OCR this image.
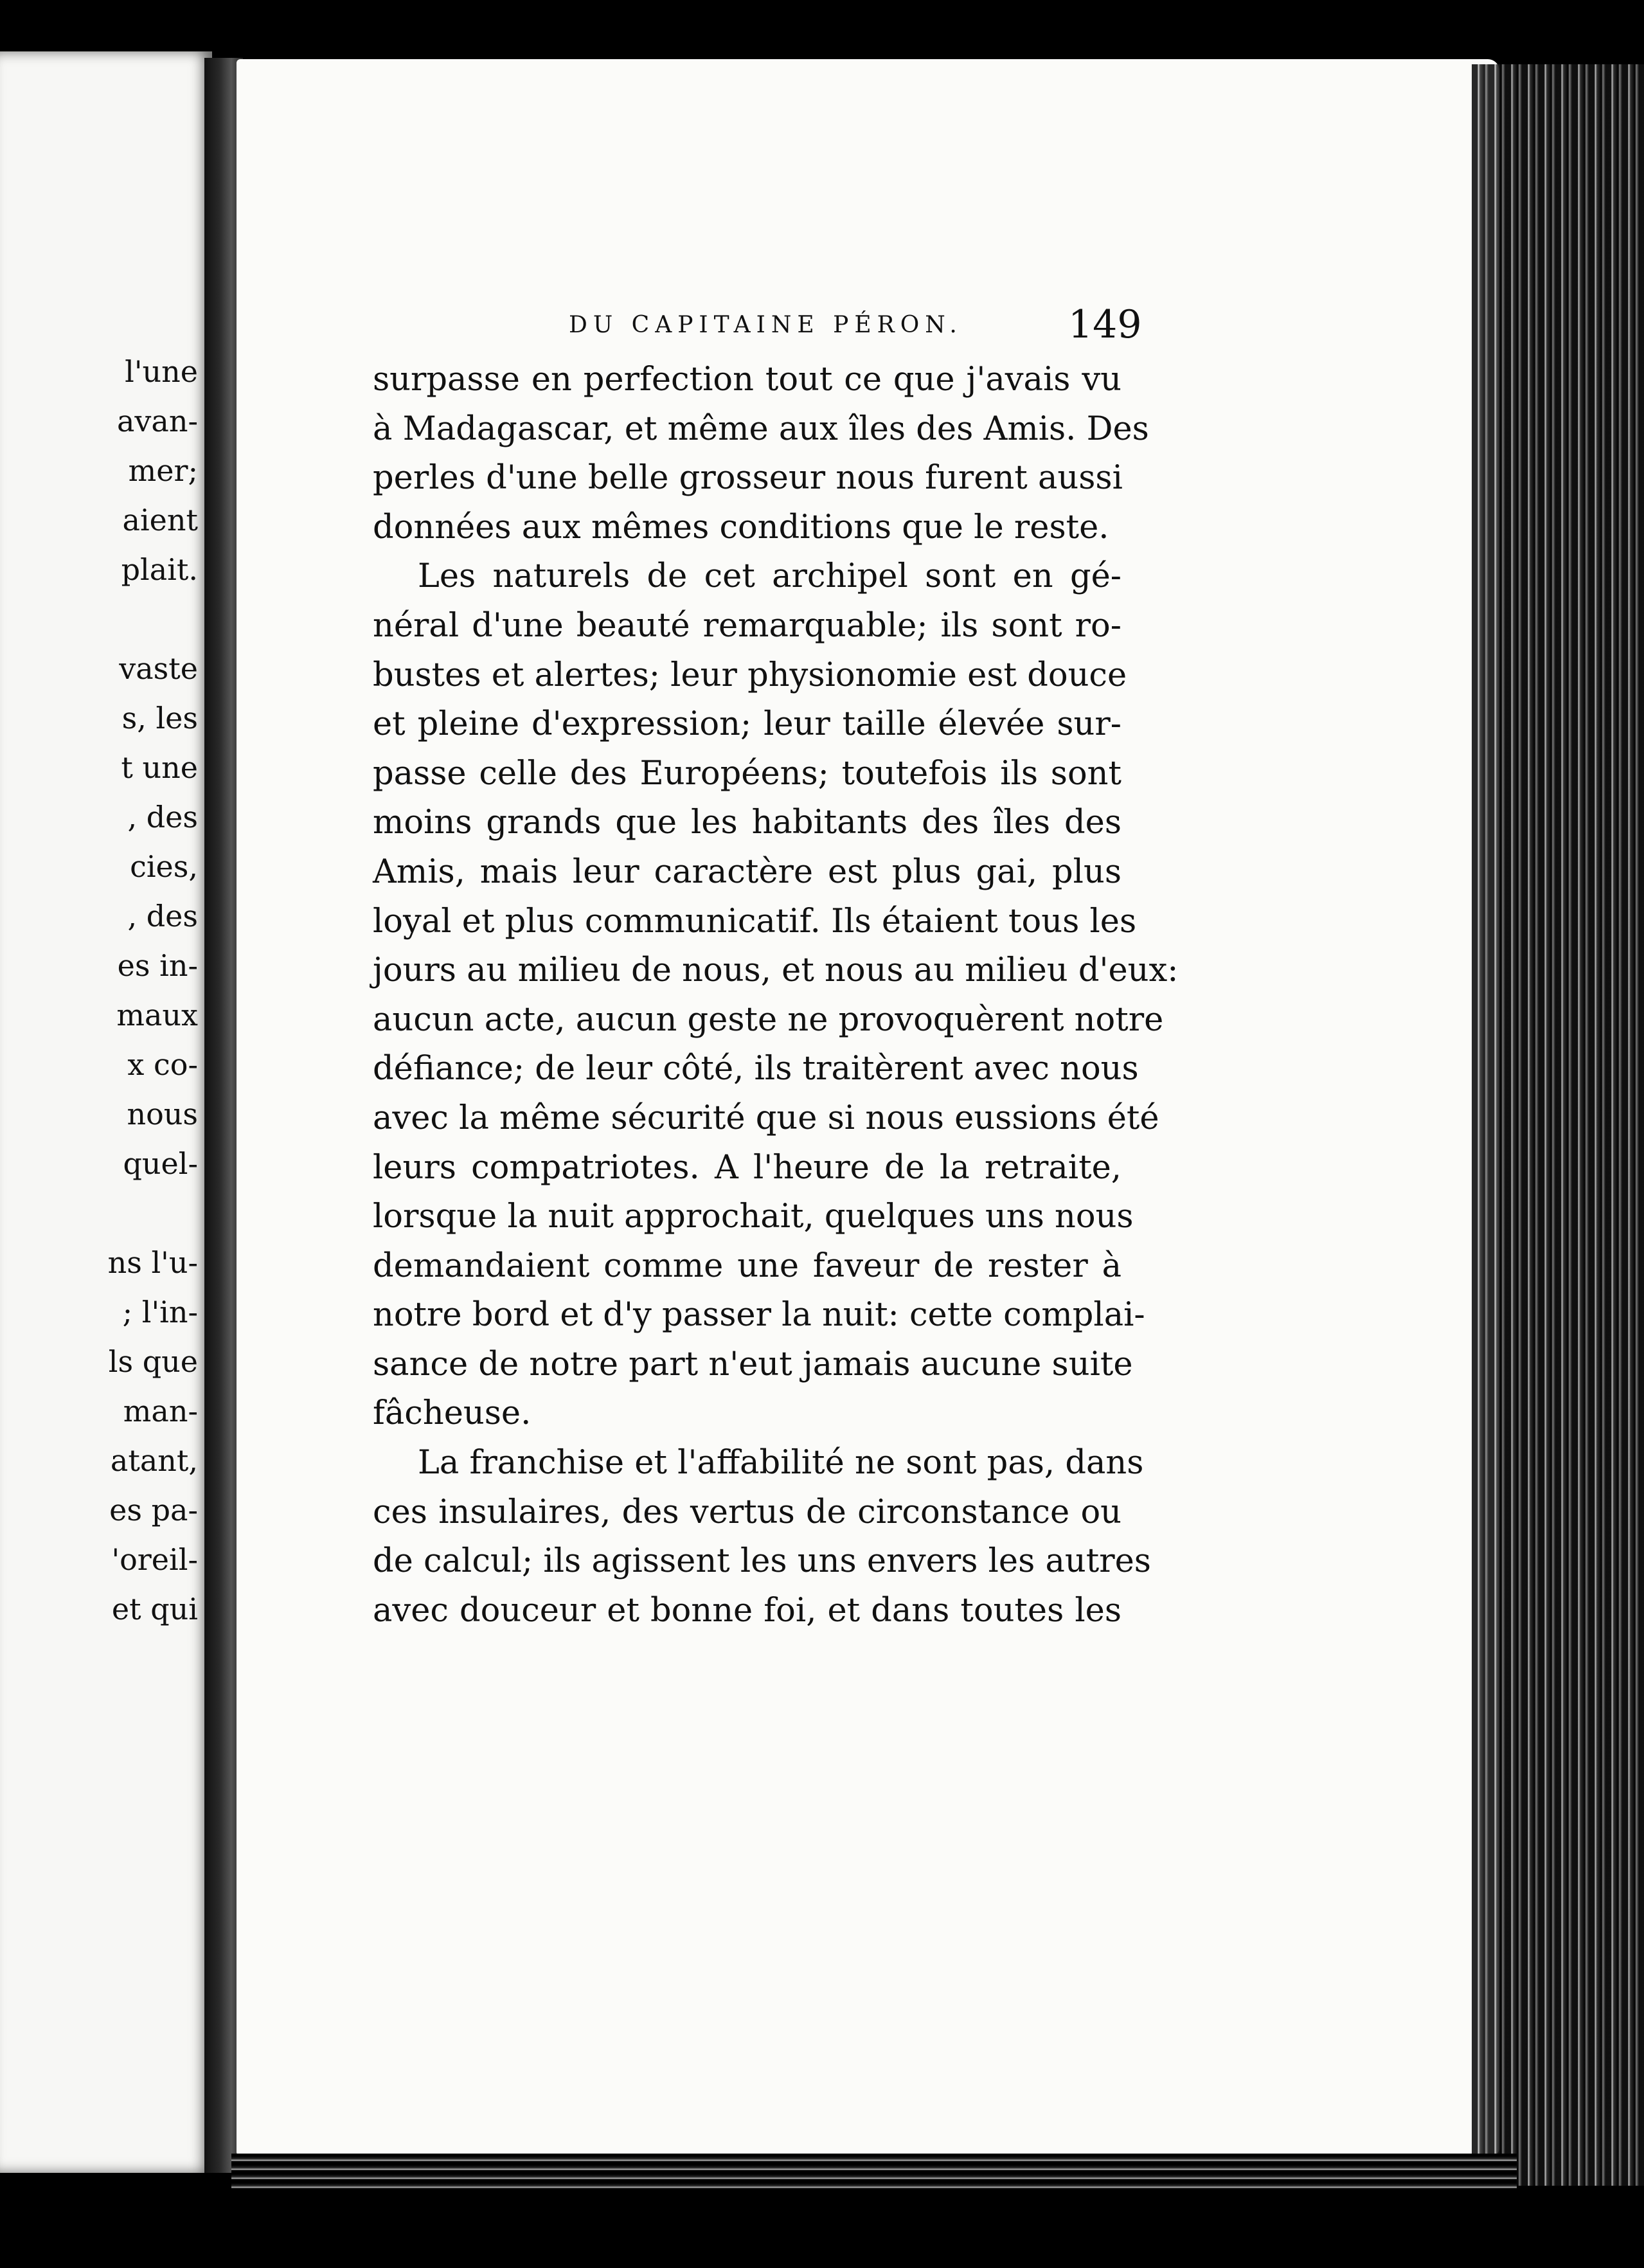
l'une
avan-
mer;
aient
plait.
vaste
s, les
t une
, des
cies,
, des
es in-
maux
x co-
nous
quel-
ns l'u-
; l'in-
ls que
man-
atant,
es pa-
'oreil-
et qui
DU CAPITAINE PÉRON.	149
surpasse en perfection tout ce que j'avais vu
à Madagascar, et même aux îles des Amis. Des
perles d'une belle grosseur nous furent aussi
données aux mêmes conditions que le reste.
Les naturels de cet archipel sont en gé-
néral d'une beauté remarquable; ils sont ro-
bustes et alertes; leur physionomie est douce
et pleine d'expression; leur taille élevée sur-
passe celle des Européens; toutefois ils sont
moins grands que les habitants des îles des
Amis, mais leur caractère est plus gai, plus
loyal et plus communicatif. Ils étaient tous les
jours au milieu de nous, et nous au milieu d'eux:
aucun acte, aucun geste ne provoquèrent notre
défiance; de leur côté, ils traitèrent avec nous
avec la même sécurité que si nous eussions été
leurs compatriotes. A l'heure de la retraite,
lorsque la nuit approchait, quelques uns nous
demandaient comme une faveur de rester à
notre bord et d'y passer la nuit: cette complai-
sance de notre part n'eut jamais aucune suite
fâcheuse.
La franchise et l'affabilité ne sont pas, dans
ces insulaires, des vertus de circonstance ou
de calcul; ils agissent les uns envers les autres
avec douceur et bonne foi, et dans toutes les
